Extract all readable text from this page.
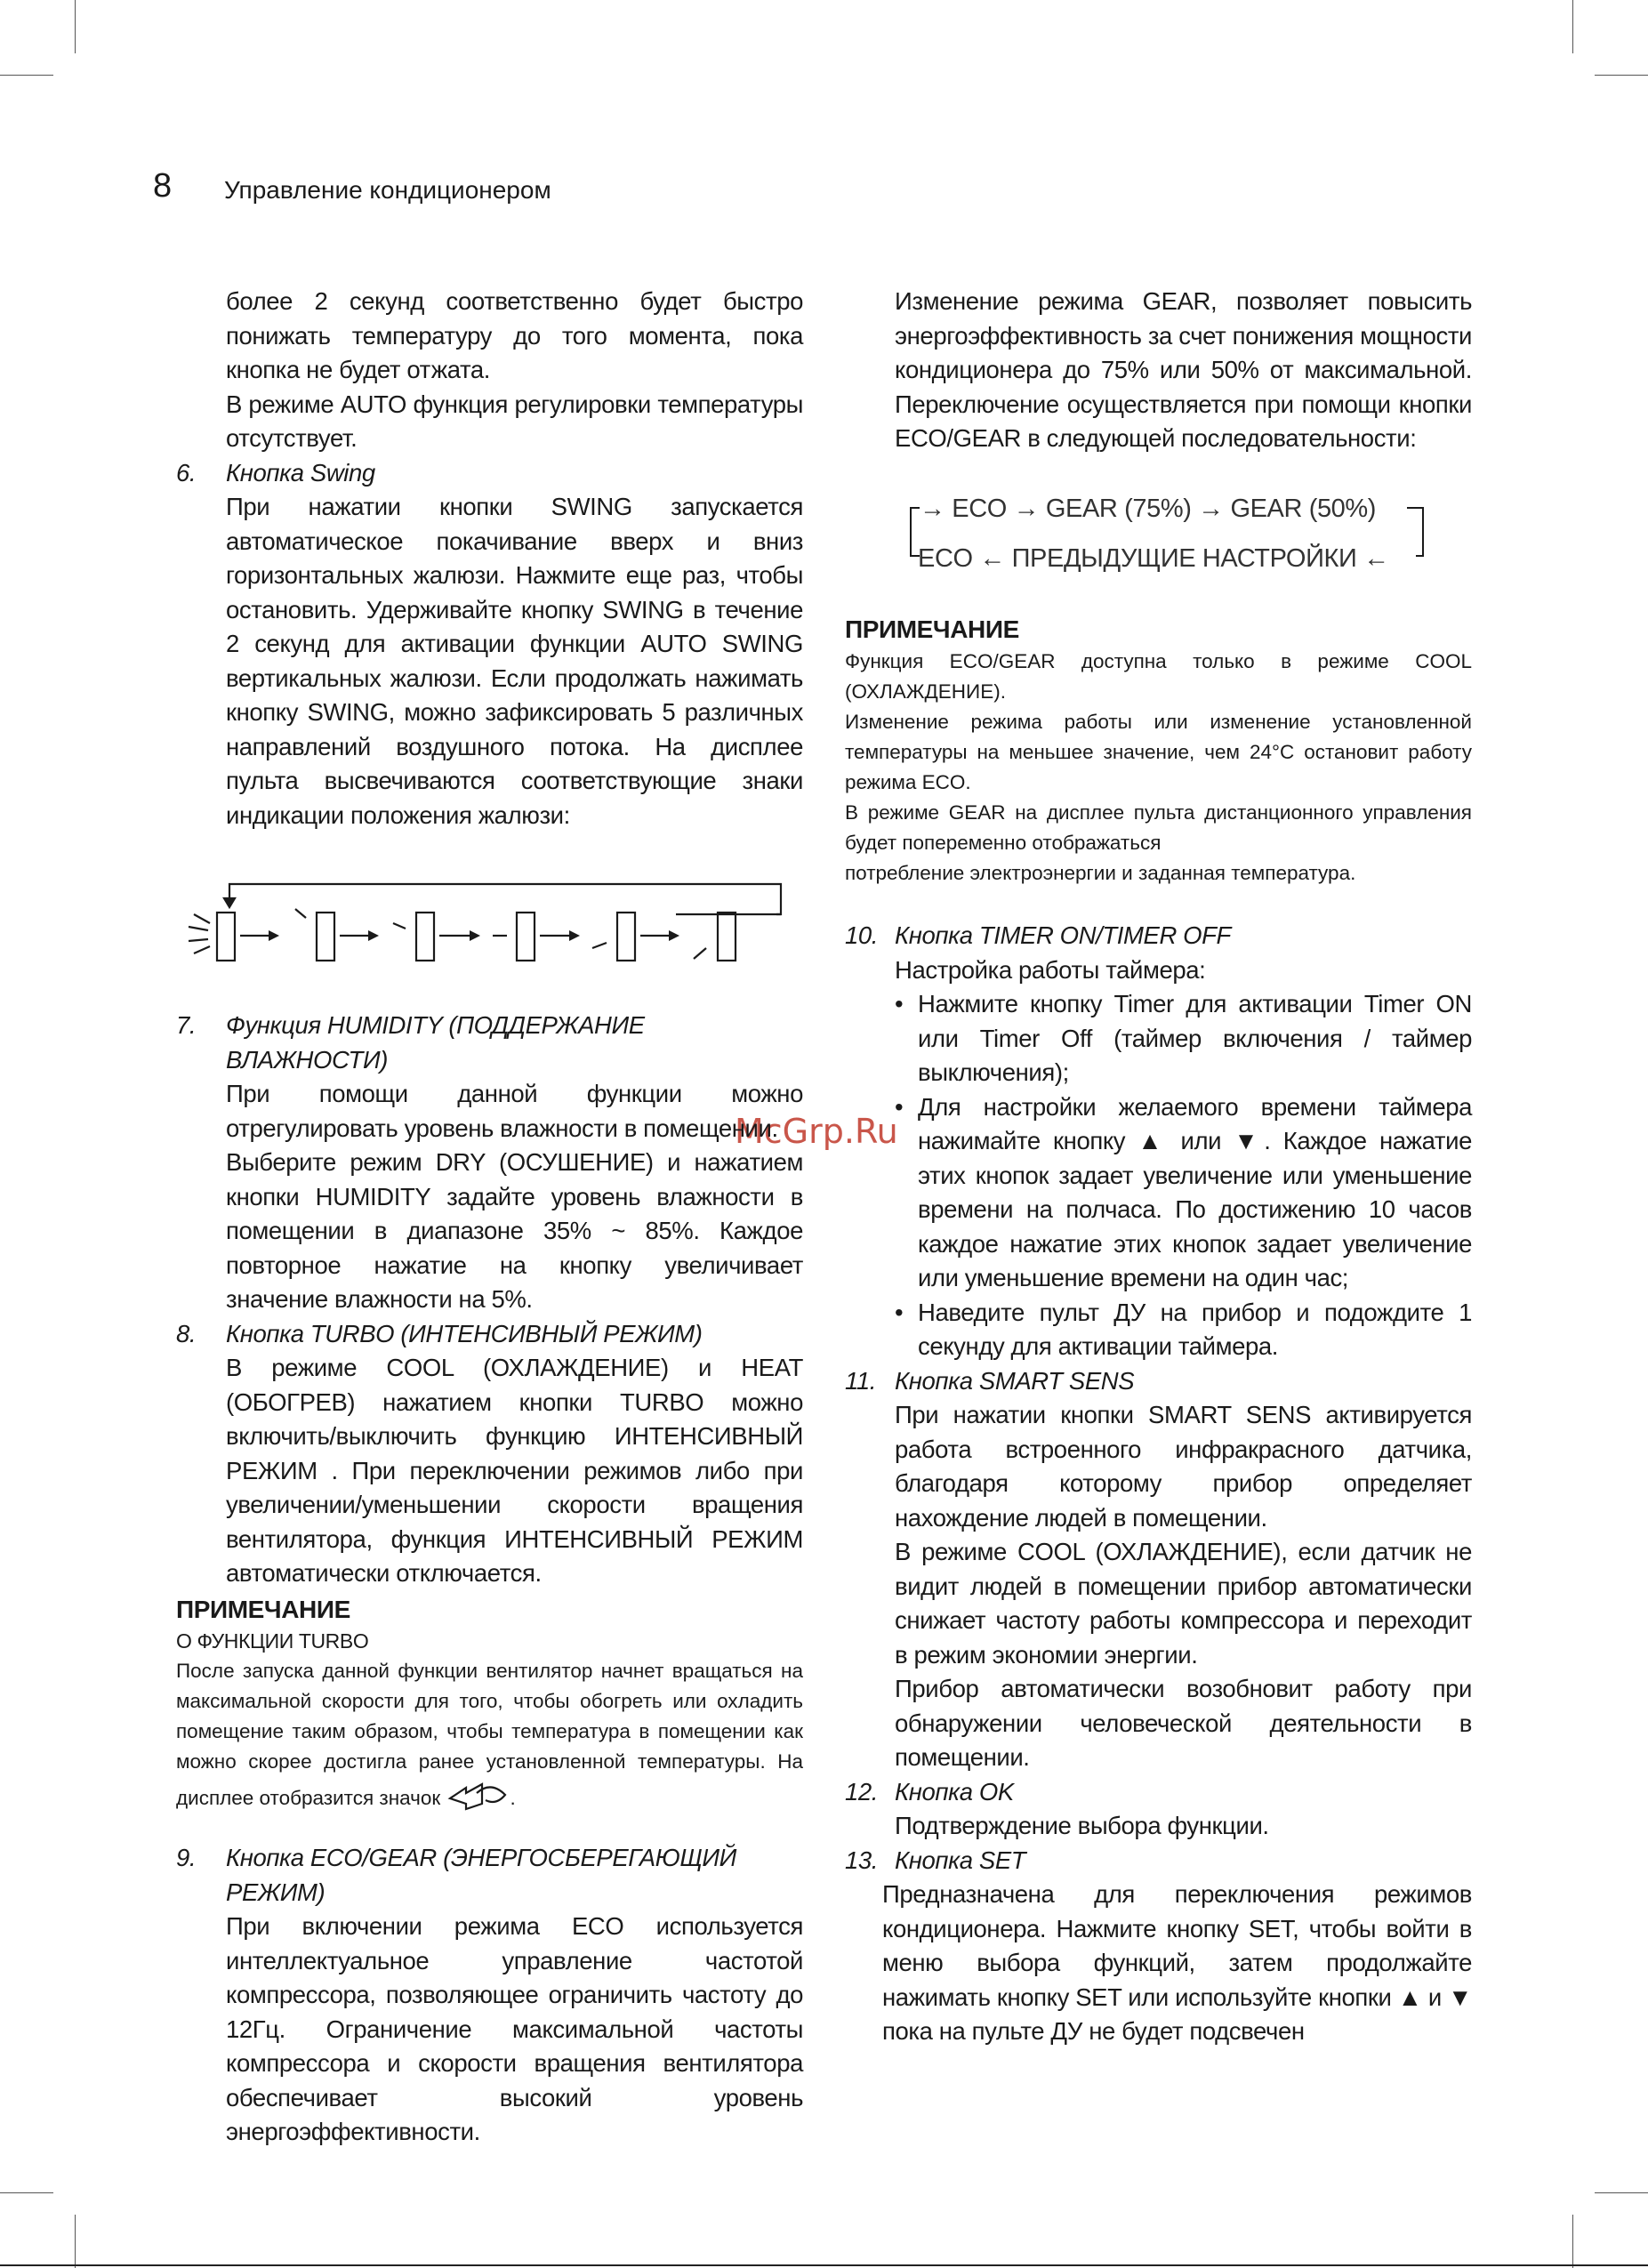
8 Управление кондиционером
McGrp.Ru

более 2 секунд соответственно будет быстро понижать температуру до того момента, пока кнопка не будет отжата.

В режиме AUTO функция регулировки температуры отсутствует.

6. Кнопка Swing

При нажатии кнопки SWING запускается автоматическое покачивание вверх и вниз горизонтальных жалюзи. Нажмите еще раз, чтобы остановить. Удерживайте кнопку SWING в течение 2 секунд для активации функции AUTO SWING вертикальных жалюзи. Если продолжать нажимать кнопку SWING, можно зафиксировать 5 различных направлений воздушного потока. На дисплее пульта высвечиваются соответствующие знаки индикации положения жалюзи:

7. Функция HUMIDITY (ПОДДЕРЖАНИЕ ВЛАЖНОСТИ)

При помощи данной функции можно отрегулировать уровень влажности в помещении.

Выберите режим DRY (ОСУШЕНИЕ) и нажатием кнопки HUMIDITY задайте уровень влажности в помещении в диапазоне 35% ~ 85%. Каждое повторное нажатие на кнопку увеличивает значение влажности на 5%.

8. Кнопка TURBO (ИНТЕНСИВНЫЙ РЕЖИМ)

В режиме COOL (ОХЛАЖДЕНИЕ) и HEAT (ОБОГРЕВ) нажатием кнопки TURBO можно включить/выключить функцию ИНТЕНСИВНЫЙ РЕЖИМ . При переключении режимов либо при увеличении/уменьшении скорости вращения вентилятора, функция ИНТЕНСИВНЫЙ РЕЖИМ автоматически отключается.

ПРИМЕЧАНИЕ
О ФУНКЦИИ TURBO

После запуска данной функции вентилятор начнет вращаться на максимальной скорости для того, чтобы обогреть или охладить помещение таким образом, чтобы температура в помещении как можно скорее достигла ранее установленной температуры. На дисплее отобразится значок	.

9. Кнопка ECO/GEAR (ЭНЕРГОСБЕРЕГАЮЩИЙ РЕЖИМ)

При включении режима ECO используется интеллектуальное управление частотой компрессора, позволяющее ограничить частоту до 12Гц. Ограничение максимальной частоты компрессора и скорости вращения вентилятора обеспечивает высокий уровень энергоэффективности.

Изменение режима GEAR, позволяет повысить энергоэффективность за счет понижения мощности кондиционера до 75% или 50% от максимальной. Переключение осуществляется при помощи кнопки ECO/GEAR в следующей последовательности:

→ ECO → GEAR (75%) → GEAR (50%)
ECO ← ПРЕДЫДУЩИЕ НАСТРОЙКИ ←
ПРИМЕЧАНИЕ

Функция ECO/GEAR доступна только в режиме COOL (ОХЛАЖДЕНИЕ).

Изменение режима работы или изменение установленной температуры на меньшее значение, чем 24°C остановит работу режима ECO.

В режиме GEAR на дисплее пульта дистанционного управления будет попеременно отображаться

потребление электроэнергии и заданная температура.

10. Кнопка TIMER ON/TIMER OFF

Настройка работы таймера:

• Нажмите кнопку Timer для активации Timer ON или Timer Off (таймер включения / таймер выключения);
• Для настройки желаемого времени таймера нажимайте кнопку ▲ или ▼. Каждое нажатие этих кнопок задает увеличение или уменьшение времени на полчаса. По достижению 10 часов каждое нажатие этих кнопок задает увеличение или уменьшение времени на один час;
• Наведите пульт ДУ на прибор и подождите 1 секунду для активации таймера.
11. Кнопка SMART SENS

При нажатии кнопки SMART SENS активируется работа встроенного инфракрасного датчика, благодаря которому прибор определяет нахождение людей в помещении.

В режиме COOL (ОХЛАЖДЕНИЕ), если датчик не видит людей в помещении прибор автоматически снижает частоту работы компрессора и переходит в режим экономии энергии.

Прибор автоматически возобновит работу при обнаружении человеческой деятельности в помещении.

12. Кнопка OK

Подтверждение выбора функции.

13. Кнопка SET

Предназначена для переключения режимов кондиционера. Нажмите кнопку SET, чтобы войти в меню выбора функций, затем продолжайте нажимать кнопку SET или используйте кнопки ▲ и ▼ пока на пульте ДУ не будет подсвечен
